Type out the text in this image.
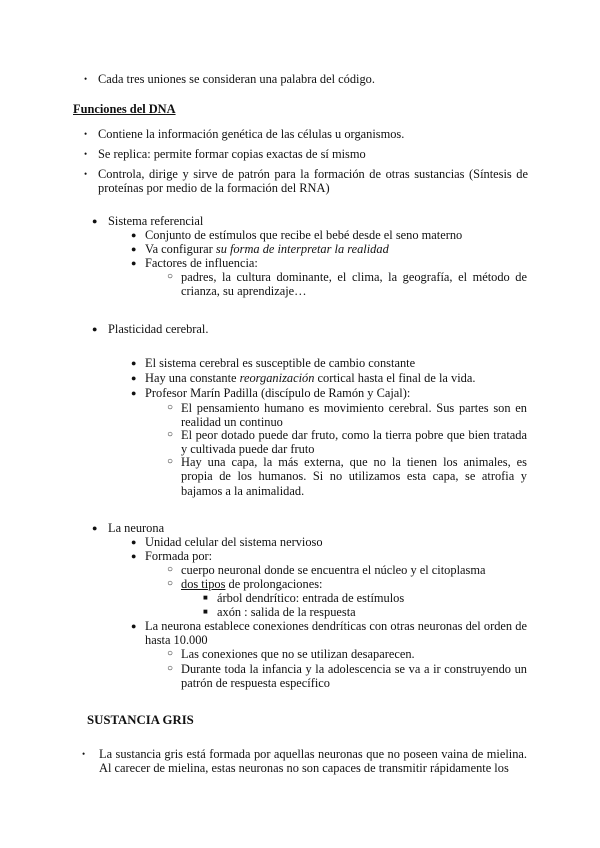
• Cada tres uniones se consideran una palabra del código.
Funciones del DNA
• Contiene la información genética de las células u organismos.
• Se replica: permite formar copias exactas de sí mismo
• Controla, dirige y sirve de patrón para la formación de otras sustancias (Síntesis de proteínas por medio de la formación del RNA)
● Sistema referencial
● Conjunto de estímulos que recibe el bebé desde el seno materno
● Va configurar su forma de interpretar la realidad
● Factores de influencia:
○ padres, la cultura dominante, el clima, la geografía, el método de crianza, su aprendizaje…
● Plasticidad cerebral.
● El sistema cerebral es susceptible de cambio constante
● Hay una constante reorganización cortical hasta el final de la vida.
● Profesor Marín Padilla (discípulo de Ramón y Cajal):
○ El pensamiento humano es movimiento cerebral. Sus partes son en realidad un continuo
○ El peor dotado puede dar fruto, como la tierra pobre que bien tratada y cultivada puede dar fruto
○ Hay una capa, la más externa, que no la tienen los animales, es propia de los humanos. Si no utilizamos esta capa, se atrofia y bajamos a la animalidad.
● La neurona
● Unidad celular del sistema nervioso
● Formada por:
○ cuerpo neuronal donde se encuentra el núcleo y el citoplasma
○ dos tipos de prolongaciones:
■ árbol dendrítico: entrada de estímulos
■ axón : salida de la respuesta
● La neurona establece conexiones dendríticas con otras neuronas del orden de hasta 10.000
○ Las conexiones que no se utilizan desaparecen.
○ Durante toda la infancia y la adolescencia se va a ir construyendo un patrón de respuesta específico
SUSTANCIA GRIS
• La sustancia gris está formada por aquellas neuronas que no poseen vaina de mielina. Al carecer de mielina, estas neuronas no son capaces de transmitir rápidamente los
